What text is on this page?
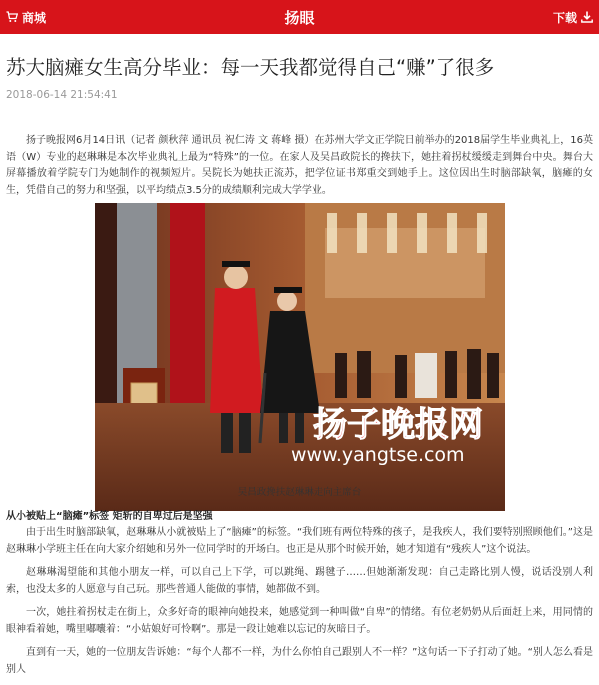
商城	扬眼	下载
苏大脑瘫女生高分毕业：每一天我都觉得自己“赚”了很多
2018-06-14 21:54:41

扬子晚报网6月14日讯（记者 颜秋萍 通讯员 祝仁涛 文 蒋峰 摄）在苏州大学文正学院日前举办的2018届学生毕业典礼上，16英语（W）专业的赵琳琳是本次毕业典礼上最为“特殊”的一位。在家人及吴昌政院长的搀扶下，她拄着拐杖缓缓走到舞台中央。舞台大屏幕播放着学院专门为她制作的视频短片。吴院长为她扶正流苏，把学位证书郑重交到她手上。这位因出生时脑部缺氧，脑瘫的女生，凭借自己的努力和坚强，以平均绩点3.5分的成绩顺利完成大学学业。

扬子晚报网
www.yangtse.com
吴昌政搀扶赵琳琳走向主席台
从小被贴上“脑瘫”标签 矩斩的自卑过后是坚强

由于出生时脑部缺氧，赵琳琳从小就被贴上了“脑瘫”的标签。“我们班有两位特殊的孩子，是我疾人，我们要特别照顾他们。”这是赵琳琳小学班主任在向大家介绍她和另外一位同学时的开场白。也正是从那个时候开始，她才知道有“残疾人”这个说法。

赵琳琳渴望能和其他小朋友一样，可以自己上下学，可以跳绳、踢毽子……但她渐渐发现：自己走路比别人慢，说话没别人利索，也没太多的人愿意与自己玩。那些普通人能做的事情，她都做不到。

一次，她拄着拐杖走在街上，众多好奇的眼神向她投来，她感觉到一种叫做“自卑”的情绪。有位老奶奶从后面赶上来，用同情的眼神看着她，嘴里嘟囔着：“小姑娘好可怜啊”。那是一段让她难以忘记的灰暗日子。

直到有一天，她的一位朋友告诉她：“每个人都不一样，为什么你怕自己跟别人不一样？”这句话一下子打动了她。“别人怎么看是别人
